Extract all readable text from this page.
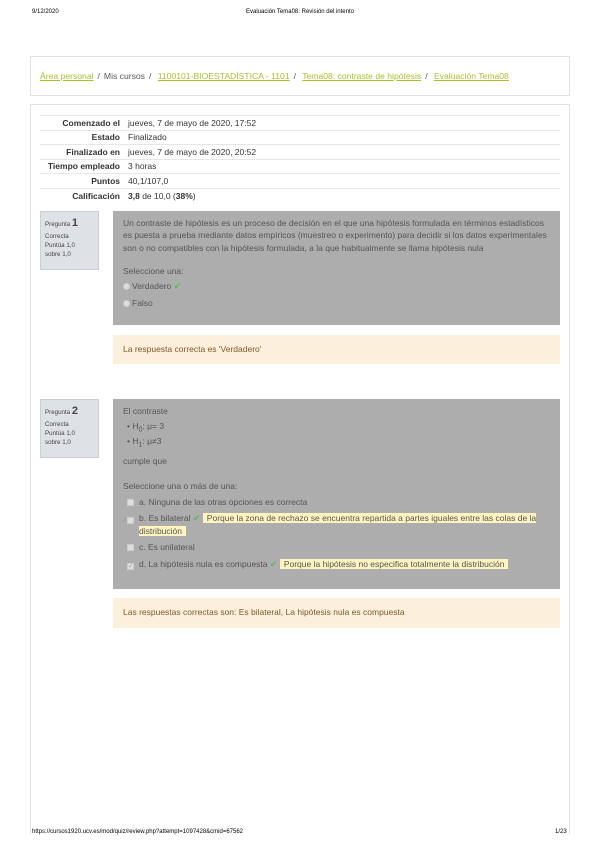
9/12/2020	Evaluación Tema08: Revisión del intento
Área personal / Mis cursos / 1100101-BIOESTADÍSTICA - 1101 / Tema08: contraste de hipótesis / Evaluación Tema08
Comenzado el	jueves, 7 de mayo de 2020, 17:52
Estado	Finalizado
Finalizado en	jueves, 7 de mayo de 2020, 20:52
Tiempo empleado	3 horas
Puntos	40,1/107,0
Calificación	3,8 de 10,0 (38%)
Pregunta 1
Correcta
Puntúa 1,0
sobre 1,0
Un contraste de hipótesis es un proceso de decisión en el que una hipótesis formulada en términos estadísticos es puesta a prueba mediante datos empíricos (muestreo o experimento) para decidir si los datos experimentales son o no compatibles con la hipótesis formulada, a la que habitualmente se llama hipótesis nula
Seleccione una:
Verdadero ✔
Falso
La respuesta correcta es 'Verdadero'
Pregunta 2
Correcta
Puntúa 1,0
sobre 1,0
El contraste
• $H_0$: μ= 3
• $H_1$: μ≠3
cumple que
Seleccione una o más de una:
a. Ninguna de las otras opciones es correcta
✓ b. Es bilateral ✔ Porque la zona de rechazo se encuentra repartida a partes iguales entre las colas de la distribución
c. Es unilateral
✓ d. La hipótesis nula es compuesta ✔ Porque la hipótesis no especifica totalmente la distribución
Las respuestas correctas son: Es bilateral, La hipótesis nula es compuesta
https://cursos1920.ucv.es/mod/quiz/review.php?attempt=1097428&cmid=67562	1/23
